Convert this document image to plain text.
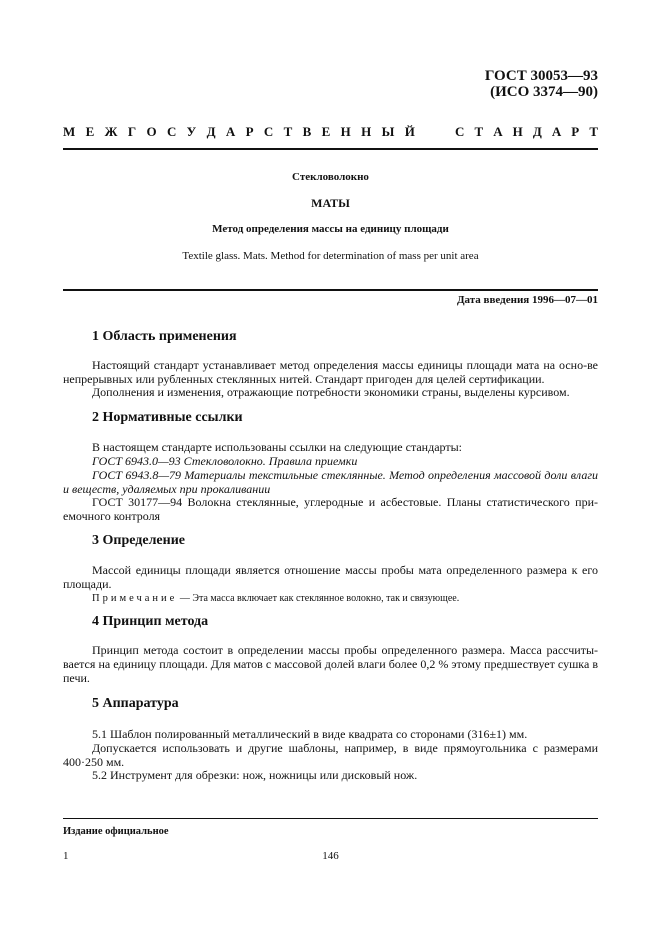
ГОСТ 30053—93
(ИСО 3374—90)
М Е Ж Г О С У Д А Р С Т В Е Н Н Ы Й	С Т А Н Д А Р Т
Стекловолокно
МАТЫ
Метод определения массы на единицу площади
Textile glass. Mats. Method for determination of mass per unit area
Дата введения 1996—07—01
1 Область применения
Настоящий стандарт устанавливает метод определения массы единицы площади мата на осно-ве непрерывных или рубленных стеклянных нитей. Стандарт пригоден для целей сертификации.
Дополнения и изменения, отражающие потребности экономики страны, выделены курсивом.
2 Нормативные ссылки
В настоящем стандарте использованы ссылки на следующие стандарты:
ГОСТ 6943.0—93 Стекловолокно. Правила приемки
ГОСТ 6943.8—79 Материалы текстильные стеклянные. Метод определения массовой доли влаги и веществ, удаляемых при прокаливании
ГОСТ 30177—94 Волокна стеклянные, углеродные и асбестовые. Планы статистического при-емочного контроля
3 Определение
Массой единицы площади является отношение массы пробы мата определенного размера к его площади.
Примечание — Эта масса включает как стеклянное волокно, так и связующее.
4 Принцип метода
Принцип метода состоит в определении массы пробы определенного размера. Масса рассчиты-вается на единицу площади. Для матов с массовой долей влаги более 0,2 % этому предшествует сушка в печи.
5 Аппаратура
5.1 Шаблон полированный металлический в виде квадрата со сторонами (316±1) мм.
Допускается использовать и другие шаблоны, например, в виде прямоугольника с размерами 400·250 мм.
5.2 Инструмент для обрезки: нож, ножницы или дисковый нож.
Издание официальное
1	146
